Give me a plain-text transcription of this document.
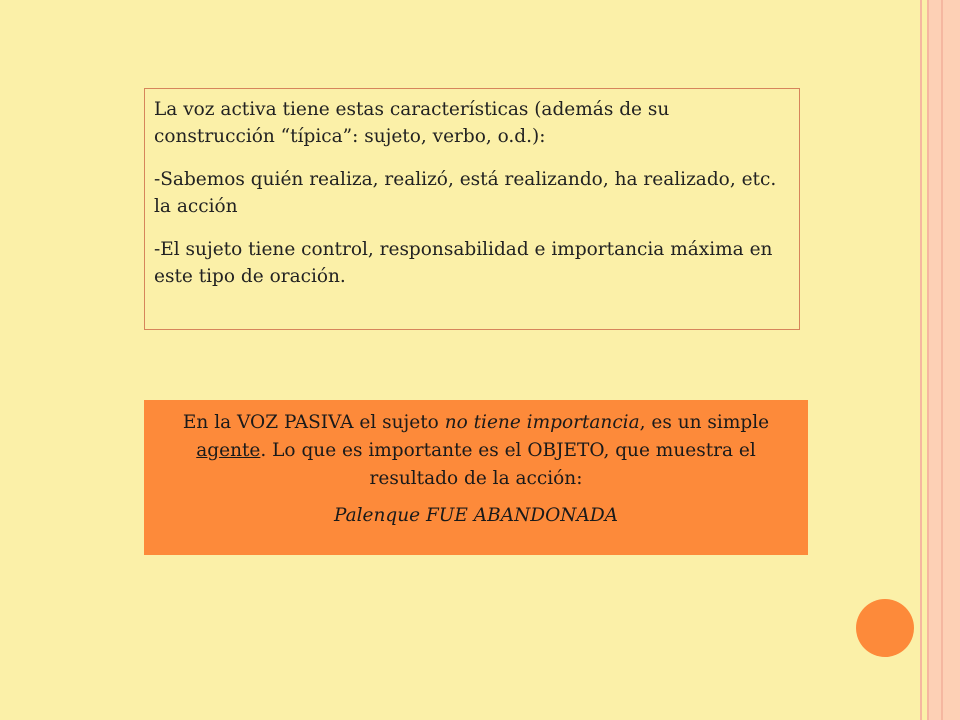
La voz activa tiene estas características (además de su construcción “típica”: sujeto, verbo, o.d.):

-Sabemos quién realiza, realizó, está realizando, ha realizado, etc. la acción

-El sujeto tiene control, responsabilidad e importancia máxima en este tipo de oración.

En la VOZ PASIVA el sujeto no tiene importancia, es un simple agente. Lo que es importante es el OBJETO, que muestra el resultado de la acción:

Palenque FUE ABANDONADA
